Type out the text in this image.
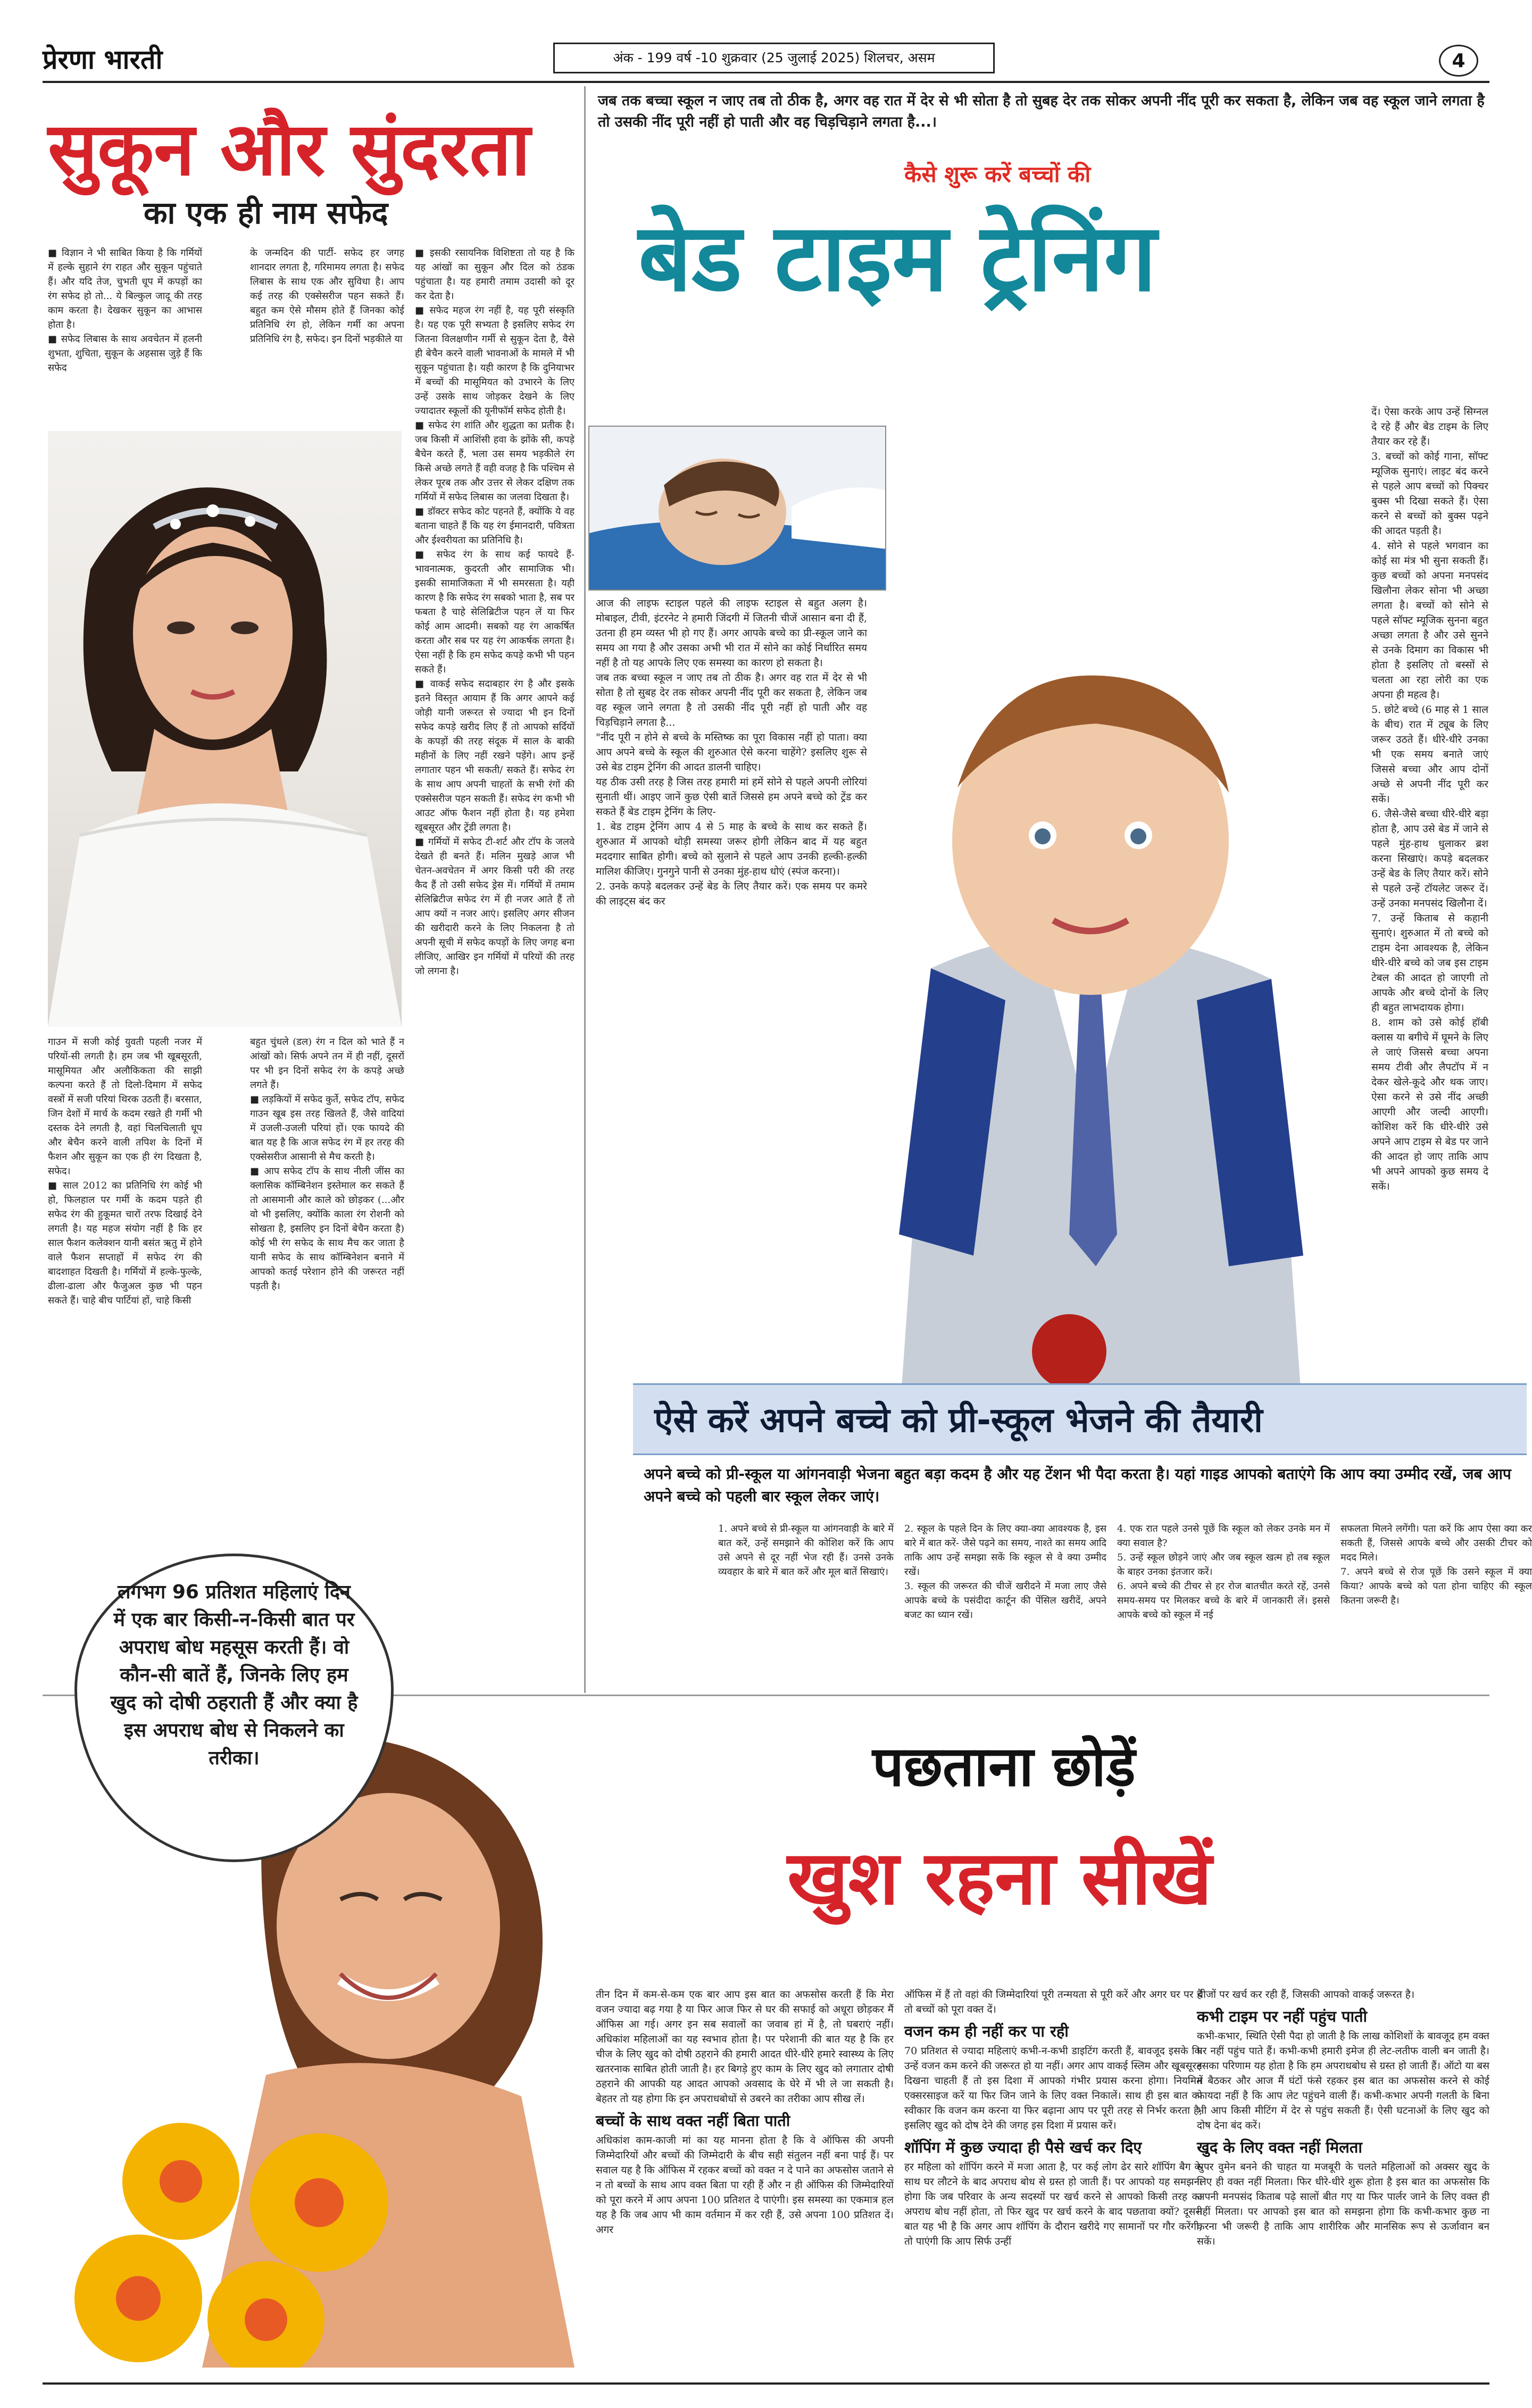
प्रेरणा भारती	अंक - 199 वर्ष -10 शुक्रवार (25 जुलाई 2025) शिलचर, असम	4
सुकून और सुंदरता
का एक ही नाम सफेद
■ विज्ञान ने भी साबित किया है कि गर्मियों में हल्के सुहाने रंग राहत और सुकून पहुंचाते हैं। और यदि तेज, चुभती धूप में कपड़ों का रंग सफेद हो तो... ये बिल्कुल जादू की तरह काम करता है। देखकर सुकून का आभास होता है।
■ सफेद लिबास के साथ अवचेतन में हलनी शुभता, शुचिता, सुकून के अहसास जुड़े हैं कि सफेद
के जन्मदिन की पार्टी- सफेद हर जगह शानदार लगता है, गरिमामय लगता है। सफेद लिबास के साथ एक और सुविधा है। आप कई तरह की एक्सेसरीज पहन सकते हैं। बहुत कम ऐसे मौसम होते हैं जिनका कोई प्रतिनिधि रंग हो, लेकिन गर्मी का अपना प्रतिनिधि रंग है, सफेद। इन दिनों भड़कीले या
■ इसकी रसायनिक विशिष्टता तो यह है कि यह आंखों का सुकून और दिल को ठंडक पहुंचाता है। यह हमारी तमाम उदासी को दूर कर देता है।
■ सफेद महज रंग नहीं है, यह पूरी संस्कृति है। यह एक पूरी सभ्यता है इसलिए सफेद रंग जितना विलक्षणीन गर्मी से सुकून देता है, वैसे ही बेचैन करने वाली भावनाओं के मामले में भी सुकून पहुंचाता है। यही कारण है कि दुनियाभर में बच्चों की मासूमियत को उभारने के लिए उन्हें उसके साथ जोड़कर देखने के लिए ज्यादातर स्कूलों की यूनीफॉर्म सफेद होती है।
■ सफेद रंग शांति और शुद्धता का प्रतीक है। जब किसी में आशिंसी हवा के झोंके सी, कपड़े बैचेन करते हैं, भला उस समय भड़कीले रंग किसे अच्छे लगते हैं वही वजह है कि पश्चिम से लेकर पूरब तक और उत्तर से लेकर दक्षिण तक गर्मियों में सफेद लिबास का जलवा दिखता है।
■ डॉक्टर सफेद कोट पहनते हैं, क्योंकि ये वह बताना चाहते हैं कि यह रंग ईमानदारी, पवित्रता और ईश्वरीयता का प्रतिनिधि है।
■ सफेद रंग के साथ कई फायदे हैं- भावनात्मक, कुदरती और सामाजिक भी। इसकी सामाजिकता में भी समरसता है। यही कारण है कि सफेद रंग सबको भाता है, सब पर फबता है चाहे सेलिब्रिटीज पहन लें या फिर कोई आम आदमी। सबको यह रंग आकर्षित करता और सब पर यह रंग आकर्षक लगता है। ऐसा नहीं है कि हम सफेद कपड़े कभी भी पहन सकते हैं।
■ वाकई सफेद सदाबहार रंग है और इसके इतने विस्तृत आयाम हैं कि अगर आपने कई जोड़ी यानी जरूरत से ज्यादा भी इन दिनों सफेद कपड़े खरीद लिए हैं तो आपको सर्दियों के कपड़ों की तरह संदूक में साल के बाकी महीनों के लिए नहीं रखने पड़ेंगे। आप इन्हें लगातार पहन भी सकती/ सकते हैं। सफेद रंग के साथ आप अपनी चाहतों के सभी रंगों की एक्सेसरीज पहन सकती हैं। सफेद रंग कभी भी आउट ऑफ फैशन नहीं होता है। यह हमेशा खूबसूरत और ट्रेंडी लगता है।
■ गर्मियों में सफेद टी-शर्ट और टॉप के जलवे देखते ही बनते हैं। मलिन मुखड़े आज भी चेतन-अवचेतन में अगर किसी परी की तरह कैद हैं तो उसी सफेद ड्रेस में। गर्मियों में तमाम सेलिब्रिटीज सफेद रंग में ही नजर आते हैं तो आप क्यों न नजर आएं। इसलिए अगर सीजन की खरीदारी करने के लिए निकलना है तो अपनी सूची में सफेद कपड़ों के लिए जगह बना लीजिए, आखिर इन गर्मियों में परियों की तरह जो लगना है।
गाउन में सजी कोई युवती पहली नजर में परियों-सी लगती है। हम जब भी खूबसूरती, मासूमियत और अलौकिकता की साझी कल्पना करते हैं तो दिलो-दिमाग में सफेद वस्त्रों में सजी परियां थिरक उठती हैं। बरसात, जिन देशों में मार्च के कदम रखते ही गर्मी भी दस्तक देने लगती है, वहां चिलचिलाती धूप और बेचैन करने वाली तपिश के दिनों में फैशन और सुकून का एक ही रंग दिखता है, सफेद।
■ साल 2012 का प्रतिनिधि रंग कोई भी हो, फिलहाल पर गर्मी के कदम पड़ते ही सफेद रंग की हुकूमत चारों तरफ दिखाई देने लगती है। यह महज संयोग नहीं है कि हर साल फैशन कलेक्शन यानी बसंत ऋतु में होने वाले फैशन सप्ताहों में सफेद रंग की बादशाहत दिखती है। गर्मियों में हल्के-फुल्के, ढीला-ढाला और फैजुअल कुछ भी पहन सकते हैं। चाहे बीच पार्टियां हों, चाहे किसी
बहुत चुंधले (डल) रंग न दिल को भाते हैं न आंखों को। सिर्फ अपने तन में ही नहीं, दूसरों पर भी इन दिनों सफेद रंग के कपड़े अच्छे लगते हैं।
■ लड़कियों में सफेद कुर्ते, सफेद टॉप, सफेद गाउन खूब इस तरह खिलते हैं, जैसे वादियां में उजली-उजली परियां हों। एक फायदे की बात यह है कि आज सफेद रंग में हर तरह की एक्सेसरीज आसानी से मैच करती है।
■ आप सफेद टॉप के साथ नीली जींस का क्लासिक कॉम्बिनेशन इस्तेमाल कर सकते हैं तो आसमानी और काले को छोड़कर (...और वो भी इसलिए, क्योंकि काला रंग रोशनी को सोखता है, इसलिए इन दिनों बेचैन करता है) कोई भी रंग सफेद के साथ मैच कर जाता है यानी सफेद के साथ कॉम्बिनेशन बनाने में आपको कतई परेशान होने की जरूरत नहीं पड़ती है।
जब तक बच्चा स्कूल न जाए तब तो ठीक है, अगर वह रात में देर से भी सोता है तो सुबह देर तक सोकर अपनी नींद पूरी कर सकता है, लेकिन जब वह स्कूल जाने लगता है तो उसकी नींद पूरी नहीं हो पाती और वह चिड़चिड़ाने लगता है...।
कैसे शुरू करें बच्चों की
बेड टाइम ट्रेनिंग
दें। ऐसा करके आप उन्हें सिग्नल दे रहे हैं और बेड टाइम के लिए तैयार कर रहे हैं।
3. बच्चों को कोई गाना, सॉफ्ट म्यूजिक सुनाएं। लाइट बंद करने से पहले आप बच्चों को पिक्चर बुक्स भी दिखा सकते हैं। ऐसा करने से बच्चों को बुक्स पढ़ने की आदत पड़ती है।
4. सोने से पहले भगवान का कोई सा मंत्र भी सुना सकती हैं। कुछ बच्चों को अपना मनपसंद खिलौना लेकर सोना भी अच्छा लगता है। बच्चों को सोने से पहले सॉफ्ट म्यूजिक सुनना बहुत अच्छा लगता है और उसे सुनने से उनके दिमाग का विकास भी होता है इसलिए तो बस्सों से चलता आ रहा लोरी का एक अपना ही महत्व है।
5. छोटे बच्चे (6 माह से 1 साल के बीच) रात में ट्यूब के लिए जरूर उठते हैं। धीरे-धीरे उनका भी एक समय बनाते जाएं जिससे बच्चा और आप दोनों अच्छे से अपनी नींद पूरी कर सकें।
6. जैसे-जैसे बच्चा धीरे-धीरे बड़ा होता है, आप उसे बेड में जाने से पहले मुंह-हाथ धुलाकर ब्रश करना सिखाएं। कपड़े बदलकर उन्हें बेड के लिए तैयार करें। सोने से पहले उन्हें टॉयलेट जरूर दें। उन्हें उनका मनपसंद खिलौना दें।
7. उन्हें किताब से कहानी सुनाएं। शुरुआत में तो बच्चे को टाइम देना आवश्यक है, लेकिन धीरे-धीरे बच्चे को जब इस टाइम टेबल की आदत हो जाएगी तो आपके और बच्चे दोनों के लिए ही बहुत लाभदायक होगा।
8. शाम को उसे कोई हॉबी क्लास या बगीचे में घूमने के लिए ले जाएं जिससे बच्चा अपना समय टीवी और लैपटॉप में न देकर खेले-कूदे और थक जाए। ऐसा करने से उसे नींद अच्छी आएगी और जल्दी आएगी। कोशिश करें कि धीरे-धीरे उसे अपने आप टाइम से बेड पर जाने की आदत हो जाए ताकि आप भी अपने आपको कुछ समय दे सकें।
आज की लाइफ स्टाइल पहले की लाइफ स्टाइल से बहुत अलग है। मोबाइल, टीवी, इंटरनेट ने हमारी जिंदगी में जितनी चीजें आसान बना दी हैं, उतना ही हम व्यस्त भी हो गए हैं। अगर आपके बच्चे का प्री-स्कूल जाने का समय आ गया है और उसका अभी भी रात में सोने का कोई निर्धारित समय नहीं है तो यह आपके लिए एक समस्या का कारण हो सकता है।
जब तक बच्चा स्कूल न जाए तब तो ठीक है। अगर वह रात में देर से भी सोता है तो सुबह देर तक सोकर अपनी नींद पूरी कर सकता है, लेकिन जब वह स्कूल जाने लगता है तो उसकी नींद पूरी नहीं हो पाती और वह चिड़चिड़ाने लगता है...
"नींद पूरी न होने से बच्चे के मस्तिष्क का पूरा विकास नहीं हो पाता। क्या आप अपने बच्चे के स्कूल की शुरुआत ऐसे करना चाहेंगे? इसलिए शुरू से उसे बेड टाइम ट्रेनिंग की आदत डालनी चाहिए।
यह ठीक उसी तरह है जिस तरह हमारी मां हमें सोने से पहले अपनी लोरियां सुनाती थीं। आइए जानें कुछ ऐसी बातें जिससे हम अपने बच्चे को ट्रेंड कर सकते हैं बेड टाइम ट्रेनिंग के लिए-
1. बेड टाइम ट्रेनिंग आप 4 से 5 माह के बच्चे के साथ कर सकते हैं। शुरुआत में आपको थोड़ी समस्या जरूर होगी लेकिन बाद में यह बहुत मददगार साबित होगी। बच्चे को सुलाने से पहले आप उनकी हल्की-हल्की मालिश कीजिए। गुनगुने पानी से उनका मुंह-हाथ धोएं (स्पंज करना)।
2. उनके कपड़े बदलकर उन्हें बेड के लिए तैयार करें। एक समय पर कमरे की लाइट्स बंद कर
ऐसे करें अपने बच्चे को प्री-स्कूल भेजने की तैयारी
अपने बच्चे को प्री-स्कूल या आंगनवाड़ी भेजना बहुत बड़ा कदम है और यह टेंशन भी पैदा करता है। यहां गाइड आपको बताएंगे कि आप क्या उम्मीद रखें, जब आप अपने बच्चे को पहली बार स्कूल लेकर जाएं।
1. अपने बच्चे से प्री-स्कूल या आंगनवाड़ी के बारे में बात करें, उन्हें समझाने की कोशिश करें कि आप उसे अपने से दूर नहीं भेज रही हैं। उनसे उनके व्यवहार के बारे में बात करें और मूल बातें सिखाएं।
2. स्कूल के पहले दिन के लिए क्या-क्या आवश्यक है, इस बारे में बात करें- जैसे पढ़ने का समय, नाश्ते का समय आदि ताकि आप उन्हें समझा सकें कि स्कूल से वे क्या उम्मीद रखें।
3. स्कूल की जरूरत की चीजें खरीदने में मजा लाए जैसे आपके बच्चे के पसंदीदा कार्टून की पेंसिल खरीदें, अपने बजट का ध्यान रखें।
4. एक रात पहले उनसे पूछें कि स्कूल को लेकर उनके मन में क्या सवाल है?
5. उन्हें स्कूल छोड़ने जाएं और जब स्कूल खत्म हो तब स्कूल के बाहर उनका इंतजार करें।
6. अपने बच्चे की टीचर से हर रोज बातचीत करते रहें, उनसे समय-समय पर मिलकर बच्चे के बारे में जानकारी लें। इससे आपके बच्चे को स्कूल में नई
सफलता मिलने लगेंगी। पता करें कि आप ऐसा क्या कर सकती हैं, जिससे आपके बच्चे और उसकी टीचर को मदद मिले।
7. अपने बच्चे से रोज पूछें कि उसने स्कूल में क्या किया? आपके बच्चे को पता होना चाहिए की स्कूल कितना जरूरी है।
लगभग 96 प्रतिशत महिलाएं दिन में एक बार किसी-न-किसी बात पर अपराध बोध महसूस करती हैं। वो कौन-सी बातें हैं, जिनके लिए हम खुद को दोषी ठहराती हैं और क्या है इस अपराध बोध से निकलने का तरीका।	पछताना छोड़ें
खुश रहना सीखें
तीन दिन में कम-से-कम एक बार आप इस बात का अफसोस करती हैं कि मेरा वजन ज्यादा बढ़ गया है या फिर आज फिर से घर की सफाई को अधूरा छोड़कर मैं ऑफिस आ गई। अगर इन सब सवालों का जवाब हां में है, तो घबराएं नहीं। अधिकांश महिलाओं का यह स्वभाव होता है। पर परेशानी की बात यह है कि हर चीज के लिए खुद को दोषी ठहराने की हमारी आदत धीरे-धीरे हमारे स्वास्थ्य के लिए खतरनाक साबित होती जाती है। हर बिगड़े हुए काम के लिए खुद को लगातार दोषी ठहराने की आपकी यह आदत आपको अवसाद के घेरे में भी ले जा सकती है। बेहतर तो यह होगा कि इन अपराधबोधों से उबरने का तरीका आप सीख लें।
बच्चों के साथ वक्त नहीं बिता पाती
अधिकांश काम-काजी मां का यह मानना होता है कि वे ऑफिस की अपनी जिम्मेदारियों और बच्चों की जिम्मेदारी के बीच सही संतुलन नहीं बना पाई हैं। पर सवाल यह है कि ऑफिस में रहकर बच्चों को वक्त न दे पाने का अफसोस जताने से न तो बच्चों के साथ आप वक्त बिता पा रही हैं और न ही ऑफिस की जिम्मेदारियों को पूरा करने में आप अपना 100 प्रतिशत दे पाएंगी। इस समस्या का एकमात्र हल यह है कि जब आप भी काम वर्तमान में कर रही हैं, उसे अपना 100 प्रतिशत दें। अगर
ऑफिस में हैं तो वहां की जिम्मेदारियां पूरी तन्मयता से पूरी करें और अगर घर पर हैं तो बच्चों को पूरा वक्त दें।
वजन कम ही नहीं कर पा रही
70 प्रतिशत से ज्यादा महिलाएं कभी-न-कभी डाइटिंग करती हैं, बावजूद इसके कि उन्हें वजन कम करने की जरूरत हो या नहीं। अगर आप वाकई स्लिम और खूबसूरत दिखना चाहती हैं तो इस दिशा में आपको गंभीर प्रयास करना होगा। नियमित एक्सरसाइज करें या फिर जिन जाने के लिए वक्त निकालें। साथ ही इस बात को स्वीकार कि वजन कम करना या फिर बढ़ाना आप पर पूरी तरह से निर्भर करता है, इसलिए खुद को दोष देने की जगह इस दिशा में प्रयास करें।
शॉपिंग में कुछ ज्यादा ही पैसे खर्च कर दिए
हर महिला को शॉपिंग करने में मजा आता है, पर कई लोग ढेर सारे शॉपिंग बैग के साथ घर लौटने के बाद अपराध बोध से ग्रस्त हो जाती हैं। पर आपको यह समझना होगा कि जब परिवार के अन्य सदस्यों पर खर्च करने से आपको किसी तरह का अपराध बोध नहीं होता, तो फिर खुद पर खर्च करने के बाद पछतावा क्यों? दूसरी बात यह भी है कि अगर आप शॉपिंग के दौरान खरीदे गए सामानों पर गौर करेंगी, तो पाएंगी कि आप सिर्फ उन्हीं
चीजों पर खर्च कर रही हैं, जिसकी आपको वाकई जरूरत है।
कभी टाइम पर नहीं पहुंच पाती
कभी-कभार, स्थिति ऐसी पैदा हो जाती है कि लाख कोशिशों के बावजूद हम वक्त पर नहीं पहुंच पाते हैं। कभी-कभी हमारी इमेज ही लेट-लतीफ वाली बन जाती है। इसका परिणाम यह होता है कि हम अपराधबोध से ग्रस्त हो जाती हैं। ऑटो या बस में बैठकर और आज मैं घंटों फंसे रहकर इस बात का अफसोस करने से कोई फायदा नहीं है कि आप लेट पहुंचने वाली हैं। कभी-कभार अपनी गलती के बिना भी आप किसी मीटिंग में देर से पहुंच सकती हैं। ऐसी घटनाओं के लिए खुद को दोष देना बंद करें।
खुद के लिए वक्त नहीं मिलता
सुपर वुमेन बनने की चाहत या मजबूरी के चलते महिलाओं को अक्सर खुद के लिए ही वक्त नहीं मिलता। फिर धीरे-धीरे शुरू होता है इस बात का अफसोस कि अपनी मनपसंद किताब पढ़े सालों बीत गए या फिर पार्लर जाने के लिए वक्त ही नहीं मिलता। पर आपको इस बात को समझना होगा कि कभी-कभार कुछ ना करना भी जरूरी है ताकि आप शारीरिक और मानसिक रूप से ऊर्जावान बन सकें।
